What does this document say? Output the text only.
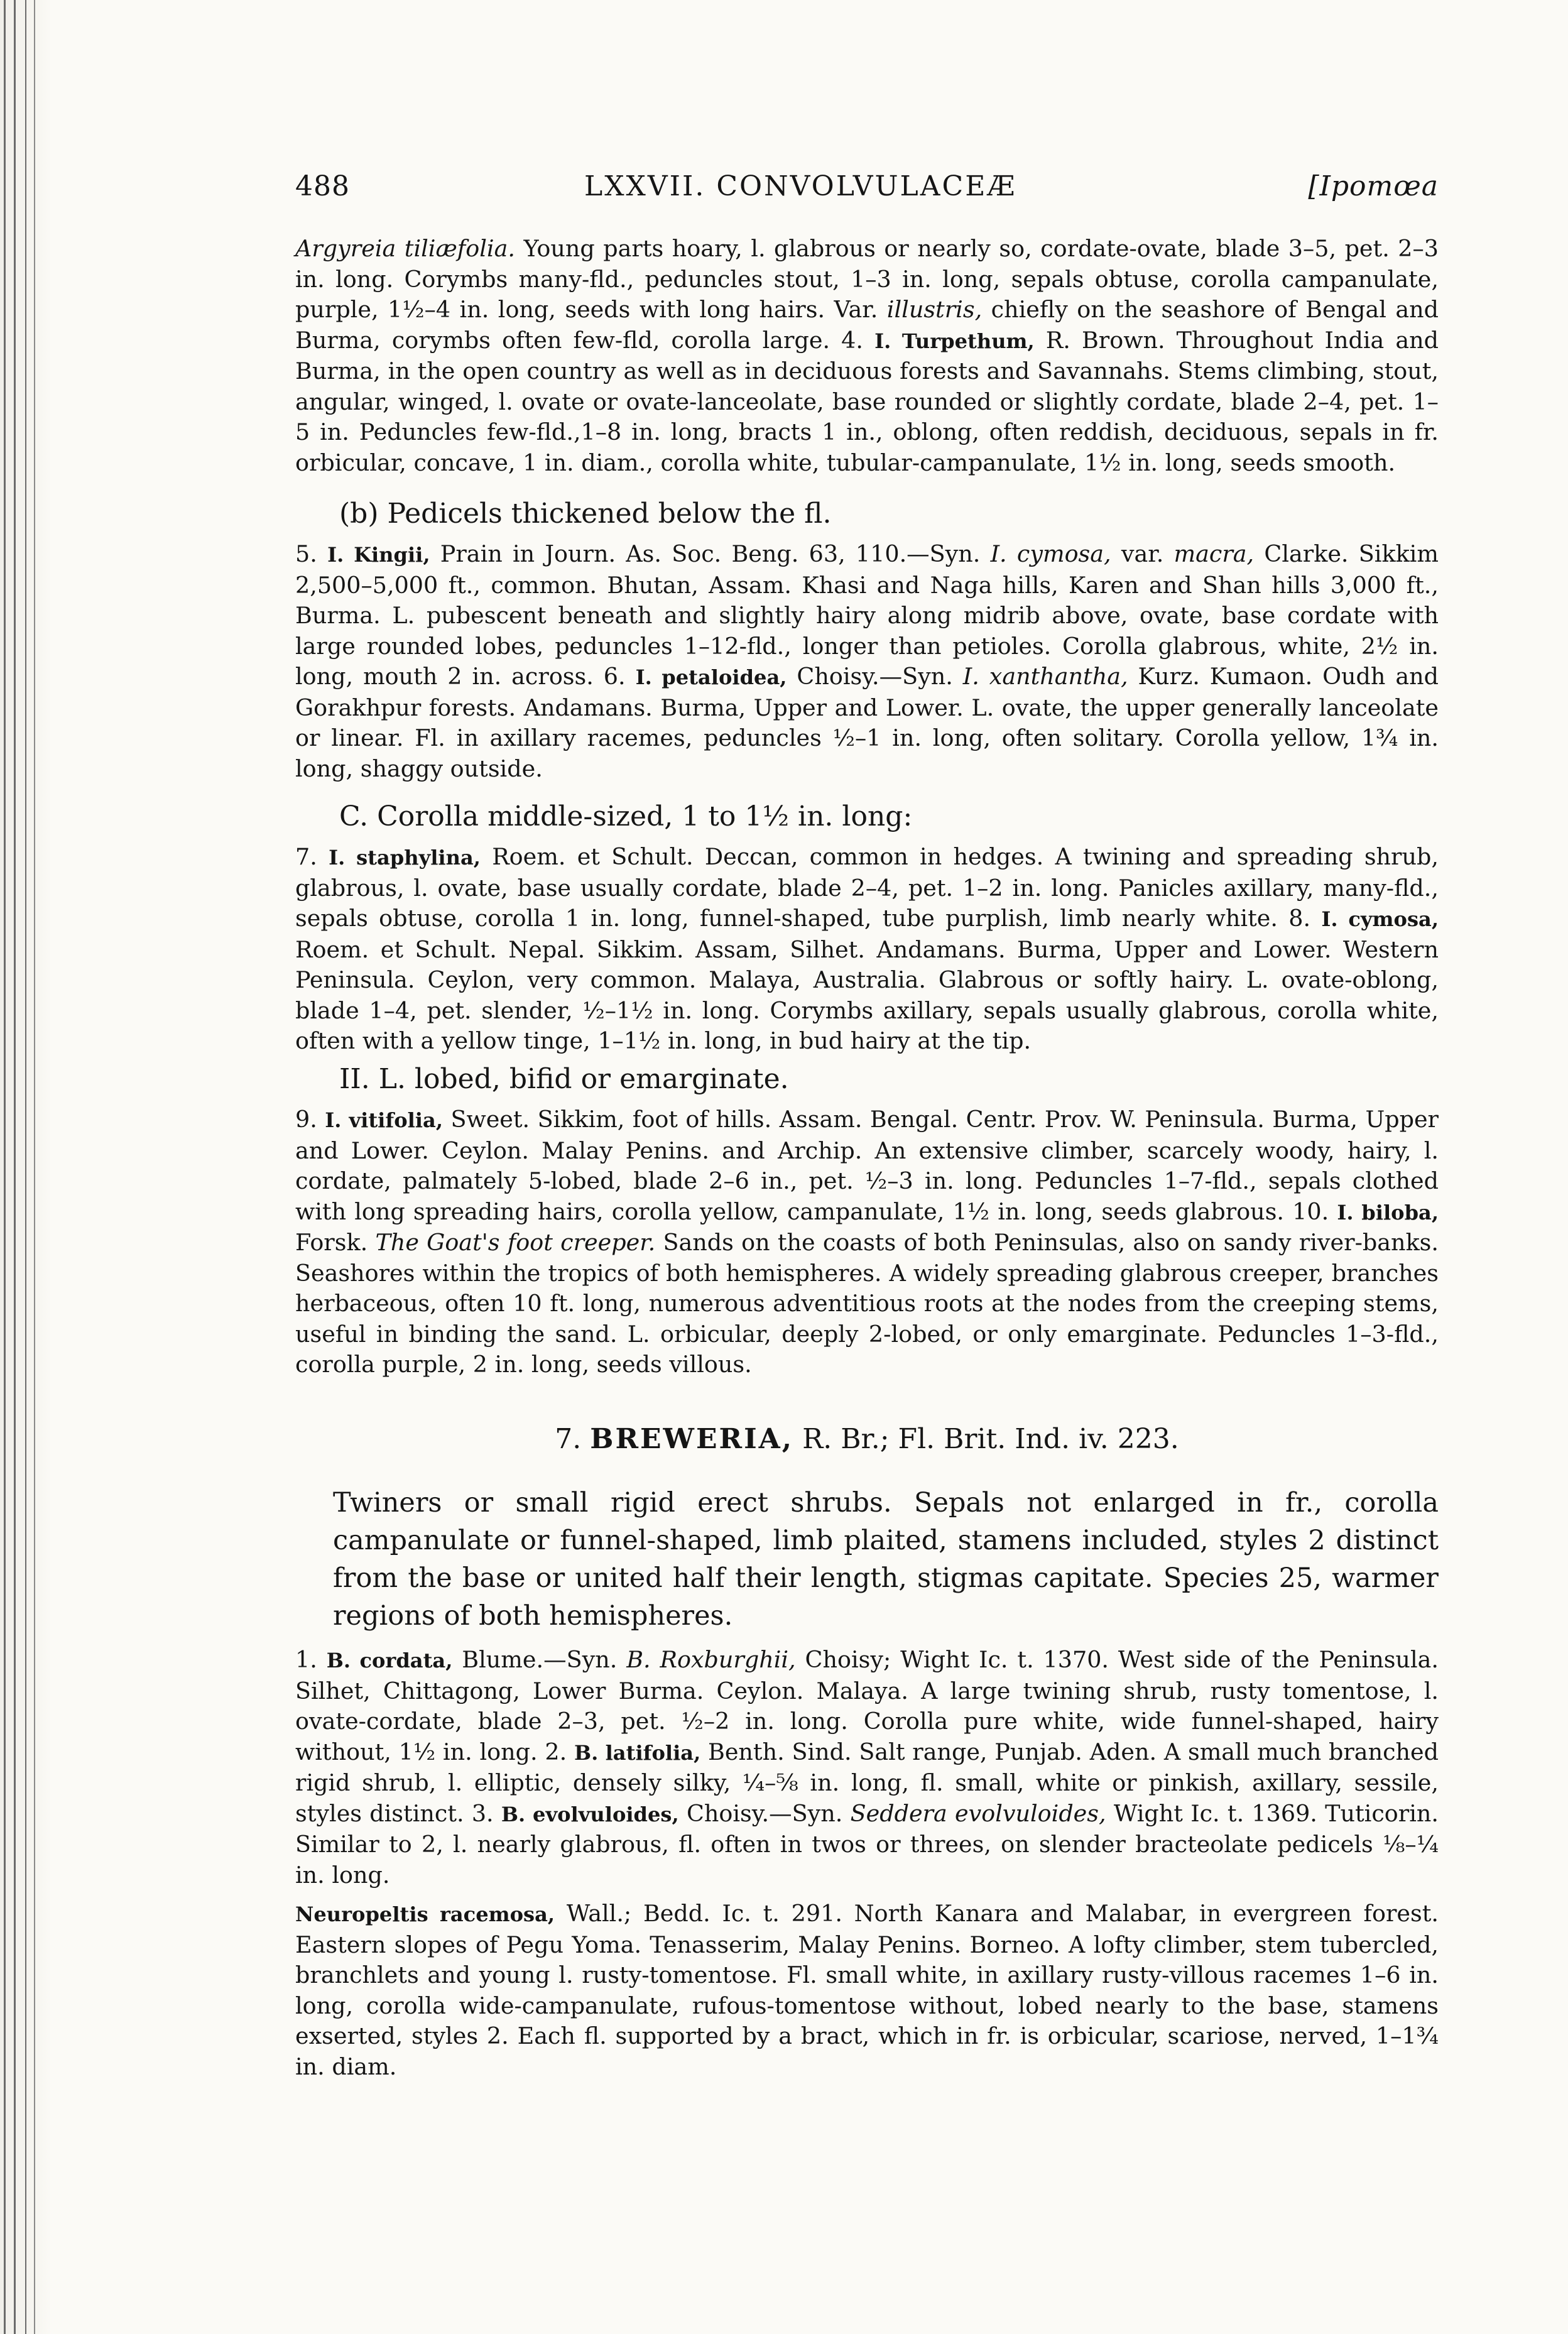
488	LXXVII. CONVOLVULACEÆ	[Ipomœa

Argyreia tiliæfolia. Young parts hoary, l. glabrous or nearly so, cordate-ovate, blade 3–5, pet. 2–3 in. long. Corymbs many-fld., peduncles stout, 1–3 in. long, sepals obtuse, corolla campanulate, purple, 1½–4 in. long, seeds with long hairs. Var. illustris, chiefly on the seashore of Bengal and Burma, corymbs often few-fld, corolla large. 4. I. Turpethum, R. Brown. Throughout India and Burma, in the open country as well as in deciduous forests and Savannahs. Stems climbing, stout, angular, winged, l. ovate or ovate-lanceolate, base rounded or slightly cordate, blade 2–4, pet. 1–5 in. Peduncles few-fld.,1–8 in. long, bracts 1 in., oblong, often reddish, deciduous, sepals in fr. orbicular, concave, 1 in. diam., corolla white, tubular-campanulate, 1½ in. long, seeds smooth.

(b) Pedicels thickened below the fl.

5. I. Kingii, Prain in Journ. As. Soc. Beng. 63, 110.—Syn. I. cymosa, var. macra, Clarke. Sikkim 2,500–5,000 ft., common. Bhutan, Assam. Khasi and Naga hills, Karen and Shan hills 3,000 ft., Burma. L. pubescent beneath and slightly hairy along midrib above, ovate, base cordate with large rounded lobes, peduncles 1–12-fld., longer than petioles. Corolla glabrous, white, 2½ in. long, mouth 2 in. across. 6. I. petaloidea, Choisy.—Syn. I. xanthantha, Kurz. Kumaon. Oudh and Gorakhpur forests. Andamans. Burma, Upper and Lower. L. ovate, the upper generally lanceolate or linear. Fl. in axillary racemes, peduncles ½–1 in. long, often solitary. Corolla yellow, 1¾ in. long, shaggy outside.

C. Corolla middle-sized, 1 to 1½ in. long:

7. I. staphylina, Roem. et Schult. Deccan, common in hedges. A twining and spreading shrub, glabrous, l. ovate, base usually cordate, blade 2–4, pet. 1–2 in. long. Panicles axillary, many-fld., sepals obtuse, corolla 1 in. long, funnel-shaped, tube purplish, limb nearly white. 8. I. cymosa, Roem. et Schult. Nepal. Sikkim. Assam, Silhet. Andamans. Burma, Upper and Lower. Western Peninsula. Ceylon, very common. Malaya, Australia. Glabrous or softly hairy. L. ovate-oblong, blade 1–4, pet. slender, ½–1½ in. long. Corymbs axillary, sepals usually glabrous, corolla white, often with a yellow tinge, 1–1½ in. long, in bud hairy at the tip.

II. L. lobed, bifid or emarginate.

9. I. vitifolia, Sweet. Sikkim, foot of hills. Assam. Bengal. Centr. Prov. W. Peninsula. Burma, Upper and Lower. Ceylon. Malay Penins. and Archip. An extensive climber, scarcely woody, hairy, l. cordate, palmately 5-lobed, blade 2–6 in., pet. ½–3 in. long. Peduncles 1–7-fld., sepals clothed with long spreading hairs, corolla yellow, campanulate, 1½ in. long, seeds glabrous. 10. I. biloba, Forsk. The Goat's foot creeper. Sands on the coasts of both Peninsulas, also on sandy river-banks. Seashores within the tropics of both hemispheres. A widely spreading glabrous creeper, branches herbaceous, often 10 ft. long, numerous adventitious roots at the nodes from the creeping stems, useful in binding the sand. L. orbicular, deeply 2-lobed, or only emarginate. Peduncles 1–3-fld., corolla purple, 2 in. long, seeds villous.

7. BREWERIA, R. Br.; Fl. Brit. Ind. iv. 223.

Twiners or small rigid erect shrubs. Sepals not enlarged in fr., corolla campanulate or funnel-shaped, limb plaited, stamens included, styles 2 distinct from the base or united half their length, stigmas capitate. Species 25, warmer regions of both hemispheres.

1. B. cordata, Blume.—Syn. B. Roxburghii, Choisy; Wight Ic. t. 1370. West side of the Peninsula. Silhet, Chittagong, Lower Burma. Ceylon. Malaya. A large twining shrub, rusty tomentose, l. ovate-cordate, blade 2–3, pet. ½–2 in. long. Corolla pure white, wide funnel-shaped, hairy without, 1½ in. long. 2. B. latifolia, Benth. Sind. Salt range, Punjab. Aden. A small much branched rigid shrub, l. elliptic, densely silky, ¼–⅝ in. long, fl. small, white or pinkish, axillary, sessile, styles distinct. 3. B. evolvuloides, Choisy.—Syn. Seddera evolvuloides, Wight Ic. t. 1369. Tuticorin. Similar to 2, l. nearly glabrous, fl. often in twos or threes, on slender bracteolate pedicels ⅛–¼ in. long.

Neuropeltis racemosa, Wall.; Bedd. Ic. t. 291. North Kanara and Malabar, in evergreen forest. Eastern slopes of Pegu Yoma. Tenasserim, Malay Penins. Borneo. A lofty climber, stem tubercled, branchlets and young l. rusty-tomentose. Fl. small white, in axillary rusty-villous racemes 1–6 in. long, corolla wide-campanulate, rufous-tomentose without, lobed nearly to the base, stamens exserted, styles 2. Each fl. supported by a bract, which in fr. is orbicular, scariose, nerved, 1–1¾ in. diam.
